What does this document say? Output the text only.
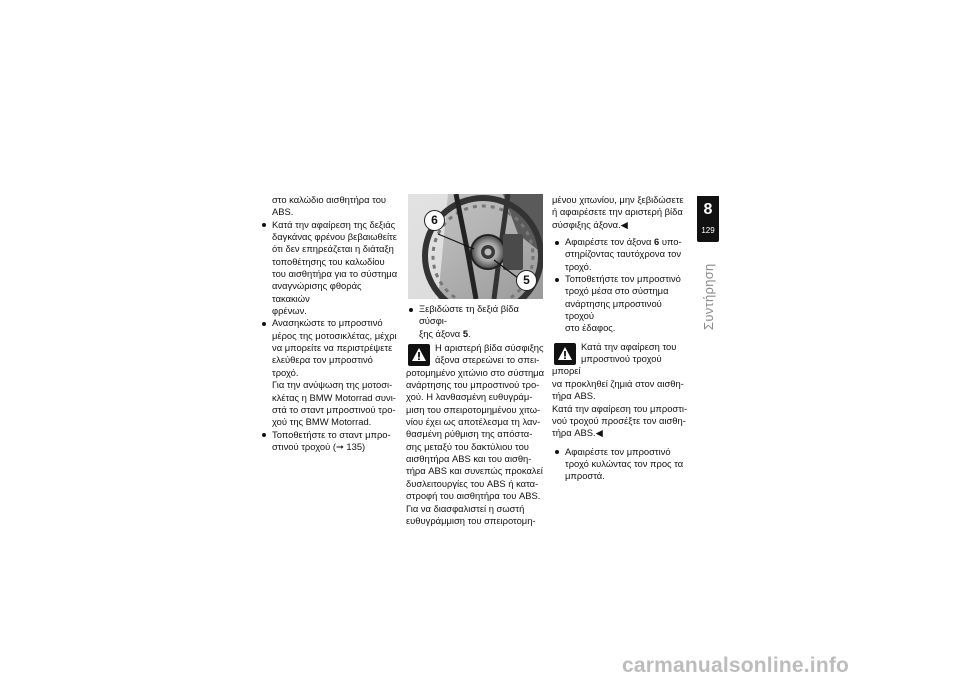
στο καλώδιο αισθητήρα του
ABS.

Κατά την αφαίρεση της δεξιάς
δαγκάνας φρένου βεβαιωθείτε
ότι δεν επηρεάζεται η διάταξη
τοποθέτησης του καλωδίου
του αισθητήρα για το σύστημα
αναγνώρισης φθοράς τακακιών
φρένων.

Ανασηκώστε το μπροστινό
μέρος της μοτοσικλέτας, μέχρι
να μπορείτε να περιστρέψετε
ελεύθερα τον μπροστινό τροχό.
Για την ανύψωση της μοτοσι-
κλέτας η BMW Motorrad συνι-
στά το σταντ μπροστινού τρο-
χού της BMW Motorrad.

Τοποθετήστε το σταντ μπρο-
στινού τροχού (➞ 135)

6
5

Ξεβιδώστε τη δεξιά βίδα σύσφι-
ξης άξονα 5.

Η αριστερή βίδα σύσφιξης
άξονα στερεώνει το σπει-

ροτομημένο χιτώνιο στο σύστημα
ανάρτησης του μπροστινού τρο-
χού. Η λανθασμένη ευθυγράμ-
μιση του σπειροτομημένου χιτω-
νίου έχει ως αποτέλεσμα τη λαν-
θασμένη ρύθμιση της απόστα-
σης μεταξύ του δακτύλιου του
αισθητήρα ABS και του αισθη-
τήρα ABS και συνεπώς προκαλεί
δυσλειτουργίες του ABS ή κατα-
στροφή του αισθητήρα του ABS.
Για να διασφαλιστεί η σωστή
ευθυγράμμιση του σπειροτομη-

μένου χιτωνίου, μην ξεβιδώσετε
ή αφαιρέσετε την αριστερή βίδα
σύσφιξης άξονα.◀

Αφαιρέστε τον άξονα 6 υπο-
στηρίζοντας ταυτόχρονα τον
τροχό.

Τοποθετήστε τον μπροστινό
τροχό μέσα στο σύστημα
ανάρτησης μπροστινού τροχού
στο έδαφος.

Κατά την αφαίρεση του
μπροστινού τροχού μπορεί

να προκληθεί ζημιά στον αισθη-
τήρα ABS.
Κατά την αφαίρεση του μπροστι-
νού τροχού προσέξτε τον αισθη-
τήρα ABS.◀

Αφαιρέστε τον μπροστινό
τροχό κυλώντας τον προς τα
μπροστά.

8
129
Συντήρηση
carmanualsonline.info
